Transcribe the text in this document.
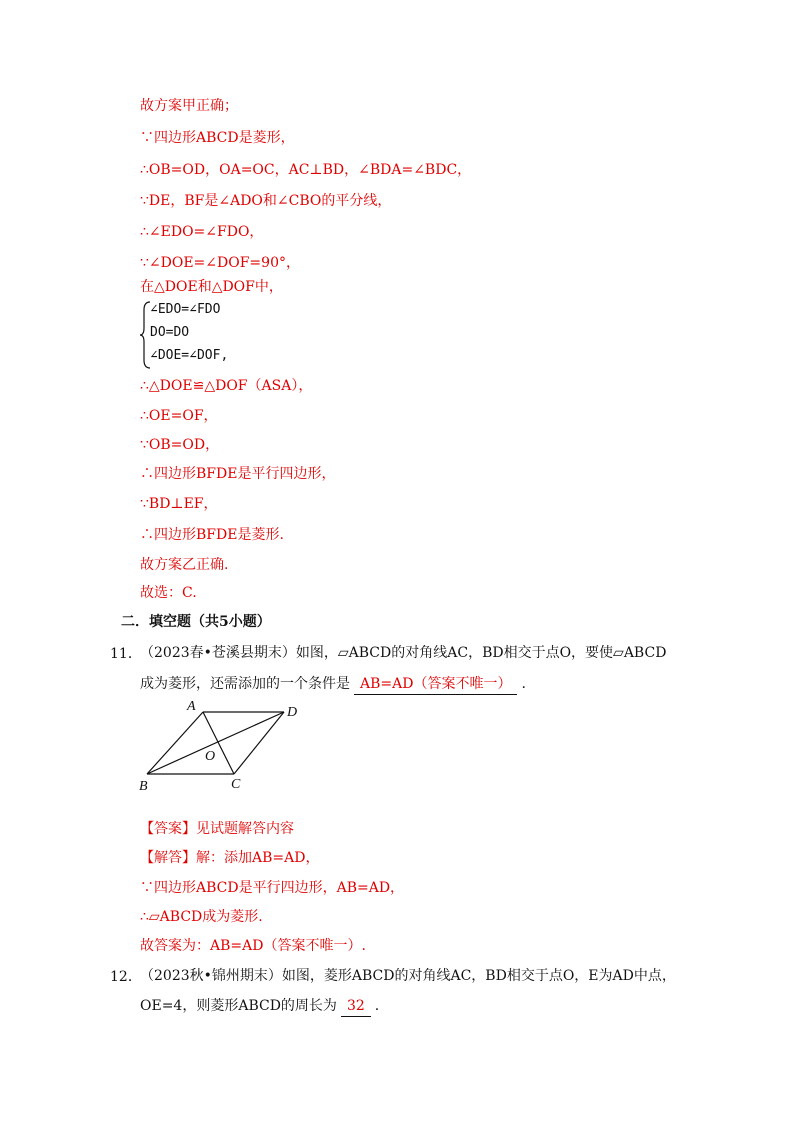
故方案甲正确；
∵四边形ABCD是菱形，
∴OB=OD，OA=OC，AC⊥BD，∠BDA=∠BDC，
∵DE，BF是∠ADO和∠CBO的平分线，
∴∠EDO=∠FDO，
∵∠DOE=∠DOF=90°，
在△DOE和△DOF中，
∠EDO=∠FDO
DO=DO
∠DOE=∠DOF,
∴△DOE≌△DOF（ASA），
∴OE=OF，
∵OB=OD，
∴四边形BFDE是平行四边形，
∵BD⊥EF，
∴四边形BFDE是菱形.
故方案乙正确.
故选：C.
二．填空题（共5小题）
11．
（2023春•苍溪县期末）如图，▱ABCD的对角线AC，BD相交于点O，要使▱ABCD
成为菱形，还需添加的一个条件是 AB=AD（答案不唯一） .
A	D
O
B	C
【答案】见试题解答内容
【解答】解：添加AB=AD，
∵四边形ABCD是平行四边形，AB=AD，
∴▱ABCD成为菱形.
故答案为：AB=AD（答案不唯一）.
12．
（2023秋•锦州期末）如图，菱形ABCD的对角线AC，BD相交于点O，E为AD中点，
OE=4，则菱形ABCD的周长为 32 .
